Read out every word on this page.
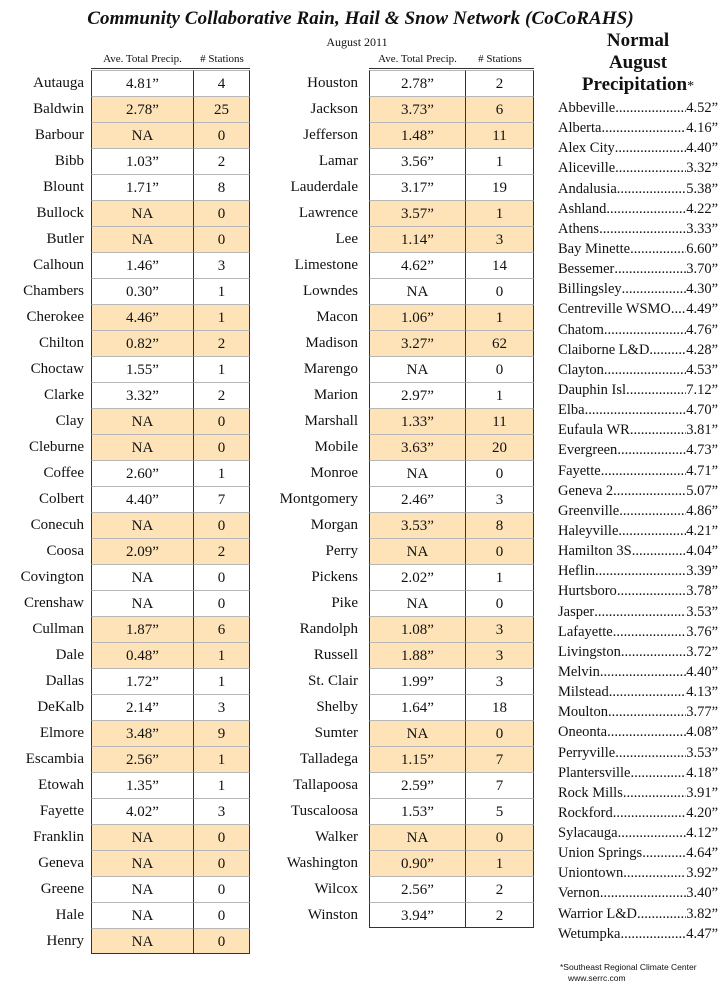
Community Collaborative Rain, Hail & Snow Network (CoCoRAHS)
August 2011
Ave. Total Precip.	# Stations	Ave. Total Precip.	# Stations
Autauga	4.81”	4
Baldwin	2.78”	25
Barbour	NA	0
Bibb	1.03”	2
Blount	1.71”	8
Bullock	NA	0
Butler	NA	0
Calhoun	1.46”	3
Chambers	0.30”	1
Cherokee	4.46”	1
Chilton	0.82”	2
Choctaw	1.55”	1
Clarke	3.32”	2
Clay	NA	0
Cleburne	NA	0
Coffee	2.60”	1
Colbert	4.40”	7
Conecuh	NA	0
Coosa	2.09”	2
Covington	NA	0
Crenshaw	NA	0
Cullman	1.87”	6
Dale	0.48”	1
Dallas	1.72”	1
DeKalb	2.14”	3
Elmore	3.48”	9
Escambia	2.56”	1
Etowah	1.35”	1
Fayette	4.02”	3
Franklin	NA	0
Geneva	NA	0
Greene	NA	0
Hale	NA	0
Henry	NA	0
Houston	2.78”	2
Jackson	3.73”	6
Jefferson	1.48”	11
Lamar	3.56”	1
Lauderdale	3.17”	19
Lawrence	3.57”	1
Lee	1.14”	3
Limestone	4.62”	14
Lowndes	NA	0
Macon	1.06”	1
Madison	3.27”	62
Marengo	NA	0
Marion	2.97”	1
Marshall	1.33”	11
Mobile	3.63”	20
Monroe	NA	0
Montgomery	2.46”	3
Morgan	3.53”	8
Perry	NA	0
Pickens	2.02”	1
Pike	NA	0
Randolph	1.08”	3
Russell	1.88”	3
St. Clair	1.99”	3
Shelby	1.64”	18
Sumter	NA	0
Talladega	1.15”	7
Tallapoosa	2.59”	7
Tuscaloosa	1.53”	5
Walker	NA	0
Washington	0.90”	1
Wilcox	2.56”	2
Winston	3.94”	2
Normal
August
Precipitation*
Abbeville .....	4.52”
Alberta .....	4.16”
Alex City .....	4.40”
Aliceville .....	3.32”
Andalusia .....	5.38”
Ashland .....	4.22”
Athens .....	3.33”
Bay Minette .....	6.60”
Bessemer .....	3.70”
Billingsley .....	4.30”
Centreville WSMO ..... 4.49”
Chatom .....	4.76”
Claiborne L&D .....	4.28”
Clayton .....	4.53”
Dauphin Isl. .....	7.12”
Elba .....	4.70”
Eufaula WR .....	3.81”
Evergreen .....	4.73”
Fayette .....	4.71”
Geneva 2 .....	5.07”
Greenville .....	4.86”
Haleyville .....	4.21”
Hamilton 3S .....	4.04”
Heflin .....	3.39”
Hurtsboro .....	3.78”
Jasper .....	3.53”
Lafayette .....	3.76”
Livingston .....	3.72”
Melvin .....	4.40”
Milstead .....	4.13”
Moulton .....	3.77”
Oneonta .....	4.08”
Perryville .....	3.53”
Plantersville .....	4.18”
Rock Mills .....	3.91”
Rockford .....	4.20”
Sylacauga .....	4.12”
Union Springs .....	4.64”
Uniontown .....	3.92”
Vernon .....	3.40”
Warrior L&D .....	3.82”
Wetumpka .....	4.47”
*Southeast Regional Climate Center
www.serrc.com
